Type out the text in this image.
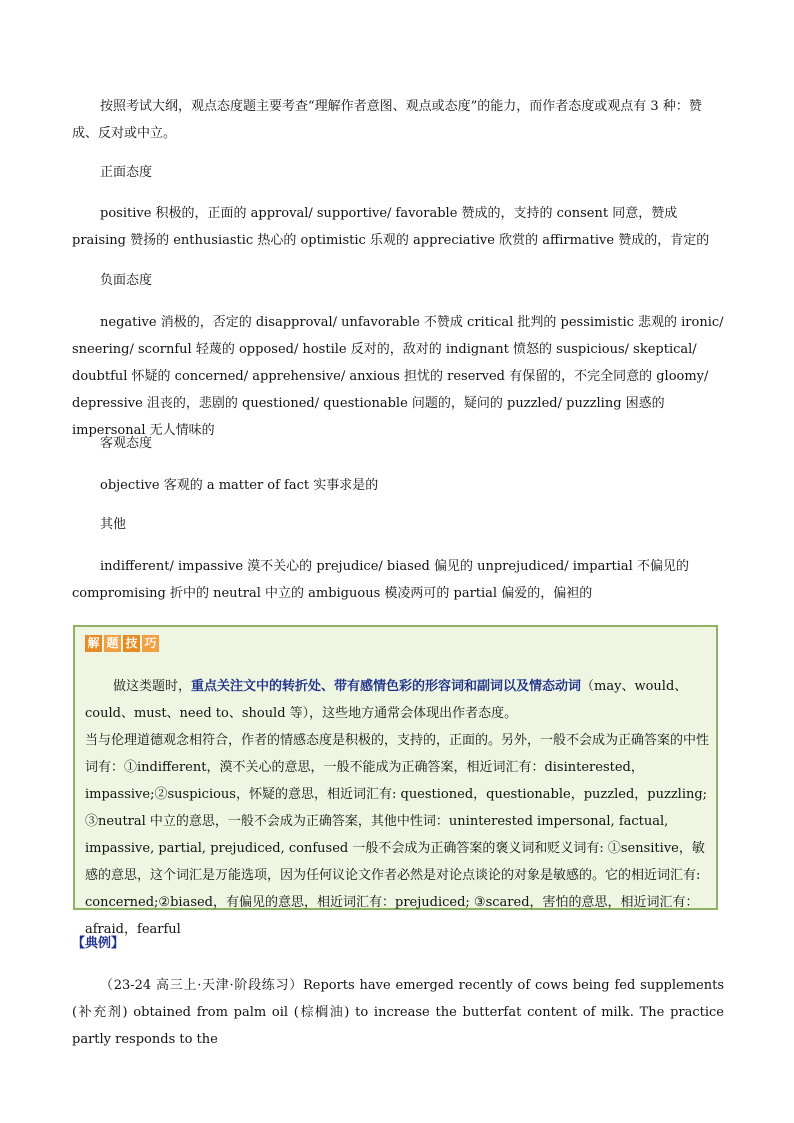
按照考试大纲，观点态度题主要考查“理解作者意图、观点或态度”的能力，而作者态度或观点有 3 种：赞成、反对或中立。

正面态度

positive 积极的，正面的 approval/ supportive/ favorable 赞成的，支持的 consent 同意，赞成 praising 赞扬的 enthusiastic 热心的 optimistic 乐观的 appreciative 欣赏的 affirmative 赞成的，肯定的

负面态度

negative 消极的，否定的 disapproval/ unfavorable 不赞成 critical 批判的 pessimistic 悲观的 ironic/ sneering/ scornful 轻蔑的 opposed/ hostile 反对的，敌对的 indignant 愤怒的 suspicious/ skeptical/ doubtful 怀疑的 concerned/ apprehensive/ anxious 担忧的 reserved 有保留的，不完全同意的 gloomy/ depressive 沮丧的，悲剧的 questioned/ questionable 问题的，疑问的 puzzled/ puzzling 困惑的 impersonal 无人情味的

客观态度

objective 客观的 a matter of fact 实事求是的

其他

indifferent/ impassive 漠不关心的 prejudice/ biased 偏见的 unprejudiced/ impartial 不偏见的 compromising 折中的 neutral 中立的 ambiguous 模凌两可的 partial 偏爱的，偏袒的

解 题 技 巧

做这类题时，重点关注文中的转折处、带有感情色彩的形容词和副词以及情态动词（may、would、could、must、need to、should 等），这些地方通常会体现出作者态度。
当与伦理道德观念相符合，作者的情感态度是积极的，支持的，正面的。另外，一般不会成为正确答案的中性词有：①indifferent，漠不关心的意思，一般不能成为正确答案，相近词汇有：disinterested，impassive;②suspicious，怀疑的意思，相近词汇有: questioned，questionable，puzzled，puzzling; ③neutral 中立的意思，一般不会成为正确答案，其他中性词：uninterested impersonal, factual, impassive, partial, prejudiced, confused 一般不会成为正确答案的褒义词和贬义词有: ①sensitive，敏感的意思，这个词汇是万能选项，因为任何议论文作者必然是对论点谈论的对象是敏感的。它的相近词汇有: concerned;②biased，有偏见的意思，相近词汇有：prejudiced; ③scared，害怕的意思，相近词汇有：afraid，fearful

【典例】

（23-24 高三上·天津·阶段练习）Reports have emerged recently of cows being fed supplements (补充剂) obtained from palm oil (棕榈油) to increase the butterfat content of milk. The practice partly responds to the
